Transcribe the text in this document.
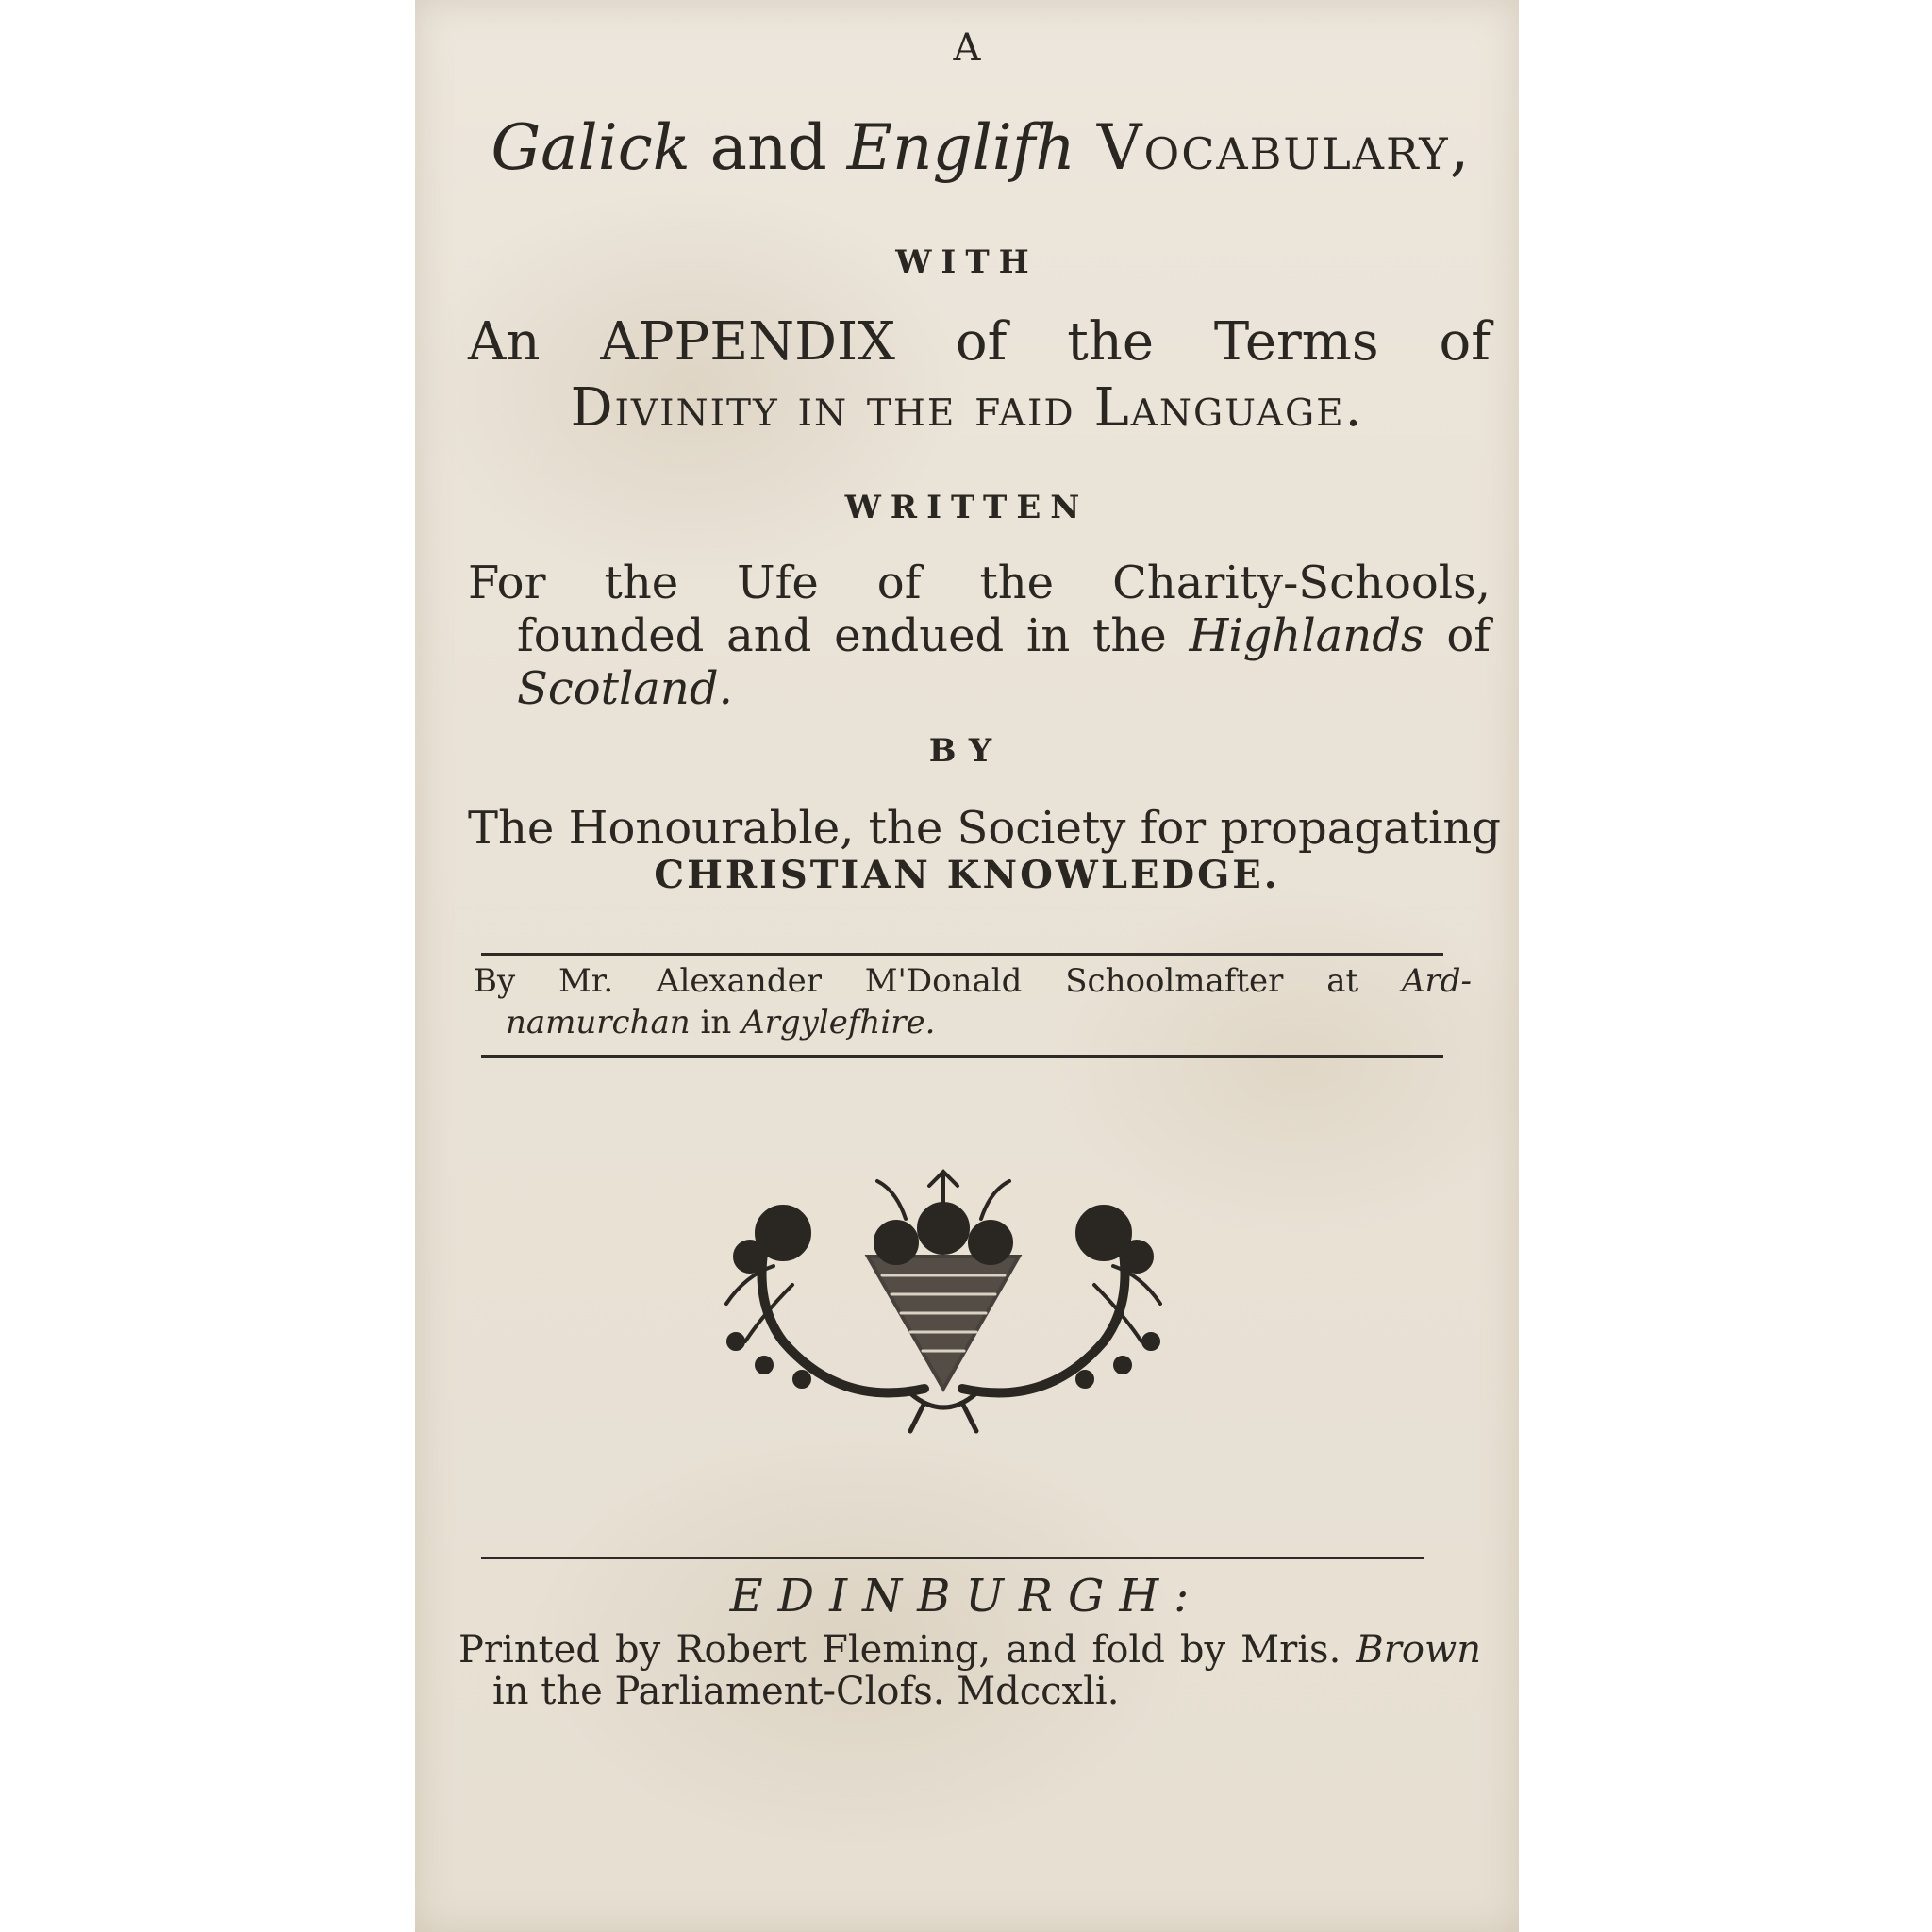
A
Galick and Englifh Vocabulary,
WITH
An APPENDIX of the Terms of
Divinity in the faid Language.
WRITTEN
For the Ufe of the Charity-Schools,
founded and endued in the Highlands of
Scotland.
BY
The Honourable, the Society for propagating
CHRISTIAN KNOWLEDGE.
By Mr. Alexander M'Donald Schoolmafter at Ard-
namurchan in Argylefhire.
EDINBURGH:
Printed by Robert Fleming, and fold by Mris. Brown
in the Parliament-Clofs. Mdccxli.
